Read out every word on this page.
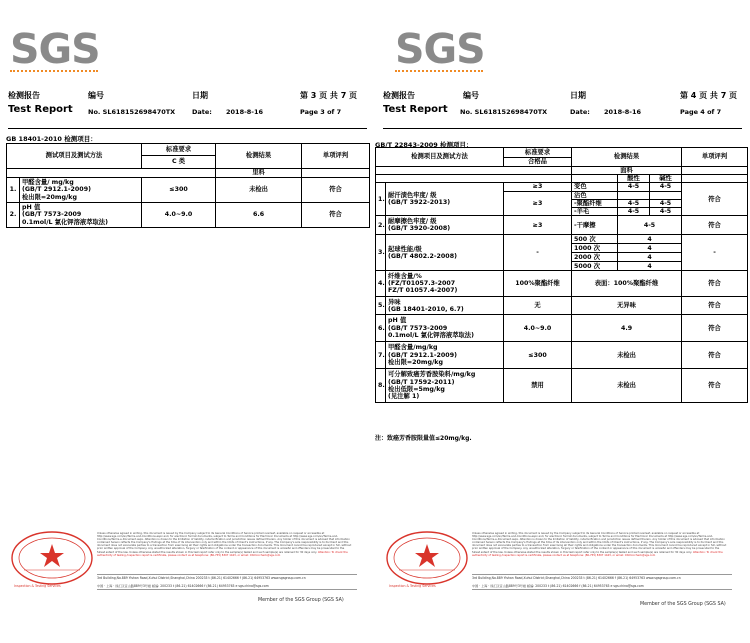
SGS
检测报告	编号	日期	第 3 页 共 7 页
Test Report No. SL618152698470TX	Date: 2018-8-16	Page 3 of 7
GB 18401-2010 检测项目：
测试项目及测试方法		标准要求	检测结果	单项评判
		C 类		
			里料	
1.	甲醛含量/ mg/kg
(GB/T 2912.1-2009)
检出限=20mg/kg	≤300	未检出	符合
2.	pH 值
(GB/T 7573-2009
0.1mol/L 氯化钾溶液萃取法)	4.0~9.0	6.6	符合
Inspection & Testing Services
Unless otherwise agreed in writing, this document is issued by the Company subject to its General Conditions of Service printed overleaf, available on request or accessible at http://www.sgs.com/en/Terms-and-Conditions.aspx and, for electronic format documents, subject to Terms and Conditions for Electronic Documents at http://www.sgs.com/en/Terms-and-Conditions/Terms-e-Document.aspx. Attention is drawn to the limitation of liability, indemnification and jurisdiction issues defined therein. Any holder of this document is advised that information contained hereon reflects the Company's findings at the time of its intervention only and within the limits of Client's instructions, if any. The Company's sole responsibility is to its Client and this document does not exonerate parties to a transaction from exercising all their rights and obligations under the transaction documents. This document cannot be reproduced except in full, without prior written approval of the Company. Any unauthorized alteration, forgery or falsification of the content or appearance of this document is unlawful and offenders may be prosecuted to the fullest extent of the law. Unless otherwise stated the results shown in this test report refer only to the sample(s) tested and such sample(s) are retained for 30 days only. Attention: To check the authenticity of testing /inspection report & certificate, please contact us at telephone: (86-755) 8307 1443, or email: CN.Doccheck@sgs.com
3rd Building,No.889 Yishan Road,Xuhui District,Shanghai,China 200233 t (86-21) 61402666 f (86-21) 64953763 www.sgsgroup.com.cn
中国 · 上海 · 徐汇区宜山路889号3号楼 邮编: 200233 t (86-21) 61402666 f (86-21) 64953763 e sgs.china@sgs.com
Member of the SGS Group (SGS SA)
SGS
检测报告	编号	日期	第 4 页 共 7 页
Test Report No. SL618152698470TX	Date: 2018-8-16	Page 4 of 7
GB/T 22843-2009 检测项目：
检测项目及测试方法		标准要求	检测结果			单项评判
		合格品				
			面料			
				酸性	碱性	
1.	耐汗渍色牢度/ 级
(GB/T 3922-2013)	≥3	变色	4-5	4-5	符合
		≥3	沾色			
			-聚酯纤维	4-5	4-5	
			-羊毛	4-5	4-5	
2.	耐摩擦色牢度/ 级
(GB/T 3920-2008)	≥3	-干摩擦	4-5		符合
3.	起球性能/级
(GB/T 4802.2-2008)	-	500 次	4		-
			1000 次	4		
			2000 次	4		
			5000 次	4		
4.	纤维含量/%
(FZ/T01057.3-2007
FZ/T 01057.4-2007)	100%聚酯纤维	表面：100%聚酯纤维			符合
5.	异味
(GB 18401-2010, 6.7)	无	无异味			符合
6.	pH 值
(GB/T 7573-2009
0.1mol/L 氯化钾溶液萃取法)	4.0~9.0	4.9			符合
7.	甲醛含量/mg/kg
(GB/T 2912.1-2009)
检出限=20mg/kg	≤300	未检出			符合
8.	可分解致癌芳香胺染料/mg/kg
(GB/T 17592-2011)
检出低限=5mg/kg
(见注解 1)	禁用	未检出			符合
注：致癌芳香胺限量值≤20mg/kg.
Inspection & Testing Services
Unless otherwise agreed in writing, this document is issued by the Company subject to its General Conditions of Service printed overleaf, available on request or accessible at http://www.sgs.com/en/Terms-and-Conditions.aspx and, for electronic format documents, subject to Terms and Conditions for Electronic Documents at http://www.sgs.com/en/Terms-and-Conditions/Terms-e-Document.aspx. Attention is drawn to the limitation of liability, indemnification and jurisdiction issues defined therein. Any holder of this document is advised that information contained hereon reflects the Company's findings at the time of its intervention only and within the limits of Client's instructions, if any. The Company's sole responsibility is to its Client and this document does not exonerate parties to a transaction from exercising all their rights and obligations under the transaction documents. This document cannot be reproduced except in full, without prior written approval of the Company. Any unauthorized alteration, forgery or falsification of the content or appearance of this document is unlawful and offenders may be prosecuted to the fullest extent of the law. Unless otherwise stated the results shown in this test report refer only to the sample(s) tested and such sample(s) are retained for 30 days only. Attention: To check the authenticity of testing /inspection report & certificate, please contact us at telephone: (86-755) 8307 1443, or email: CN.Doccheck@sgs.com
3rd Building,No.889 Yishan Road,Xuhui District,Shanghai,China 200233 t (86-21) 61402666 f (86-21) 64953763 www.sgsgroup.com.cn
中国 · 上海 · 徐汇区宜山路889号3号楼 邮编: 200233 t (86-21) 61402666 f (86-21) 64953763 e sgs.china@sgs.com
Member of the SGS Group (SGS SA)
